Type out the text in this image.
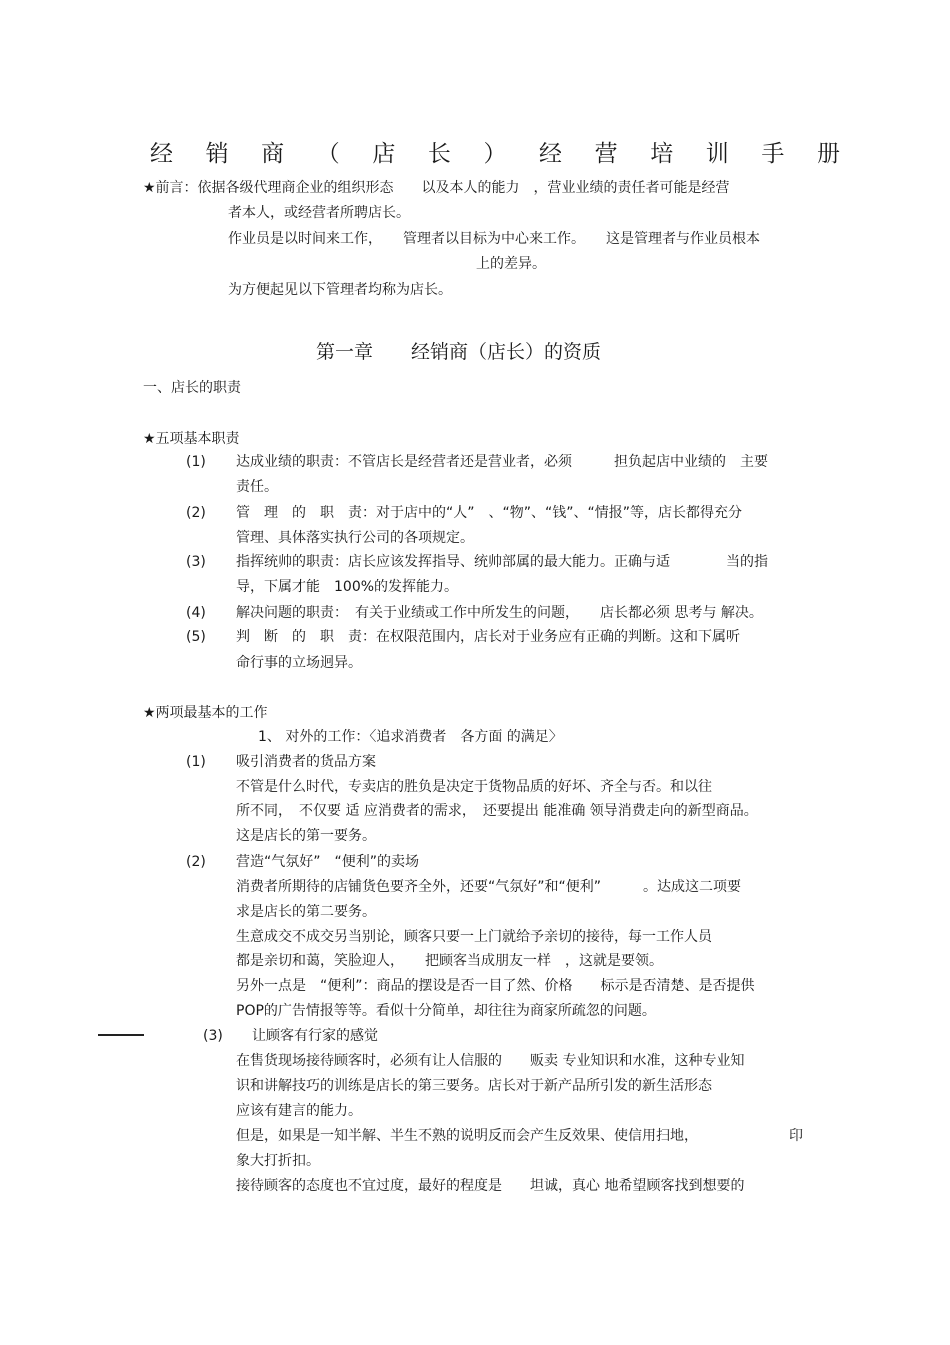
经 销 商 （ 店 长 ） 经 营 培 训 手 册
★前言：依据各级代理商企业的组织形态　　以及本人的能力　，营业业绩的责任者可能是经营
者本人，或经营者所聘店长。
作业员是以时间来工作，　　管理者以目标为中心来工作。　　这是管理者与作业员根本
上的差异。
为方便起见以下管理者均称为店长。
第一章　　经销商（店长）的资质
一、店长的职责
★五项基本职责
(1) 达成业绩的职责：不管店长是经营者还是营业者，必须　　　担负起店中业绩的　主要
责任。
(2) 管　理　的　职　责：对于店中的“人”　、“物”、“钱”、“情报”等，店长都得充分
管理、具体落实执行公司的各项规定。
(3) 指挥统帅的职责：店长应该发挥指导、统帅部属的最大能力。正确与适　　　　当的指
导，下属才能　100%的发挥能力。
(4) 解决问题的职责：　有关于业绩或工作中所发生的问题，　　店长都必须 思考与 解决。
(5) 判　断　的　职　责：在权限范围内，店长对于业务应有正确的判断。这和下属听
命行事的立场迥异。
★两项最基本的工作
1、 对外的工作：〈追求消费者　各方面 的满足〉
(1) 吸引消费者的货品方案
不管是什么时代，专卖店的胜负是决定于货物品质的好坏、齐全与否。和以往
所不同，　不仅要 适 应消费者的需求，　还要提出 能准确 领导消费走向的新型商品。
这是店长的第一要务。
(2) 营造“气氛好”　“便利”的卖场
消费者所期待的店铺货色要齐全外，还要“气氛好”和“便利”　　　。达成这二项要
求是店长的第二要务。
生意成交不成交另当别论，顾客只要一上门就给予亲切的接待，每一工作人员
都是亲切和蔼，笑脸迎人，　　把顾客当成朋友一样　，这就是要领。
另外一点是　“便利”：商品的摆设是否一目了然、价格　　标示是否清楚、是否提供
POP的广告情报等等。看似十分简单，却往往为商家所疏忽的问题。
(3) 让顾客有行家的感觉
在售货现场接待顾客时，必须有让人信服的　　贩卖 专业知识和水准，这种专业知
识和讲解技巧的训练是店长的第三要务。店长对于新产品所引发的新生活形态
应该有建言的能力。
但是，如果是一知半解、半生不熟的说明反而会产生反效果、使信用扫地，	印
象大打折扣。
接待顾客的态度也不宜过度，最好的程度是　　坦诚，真心 地希望顾客找到想要的
